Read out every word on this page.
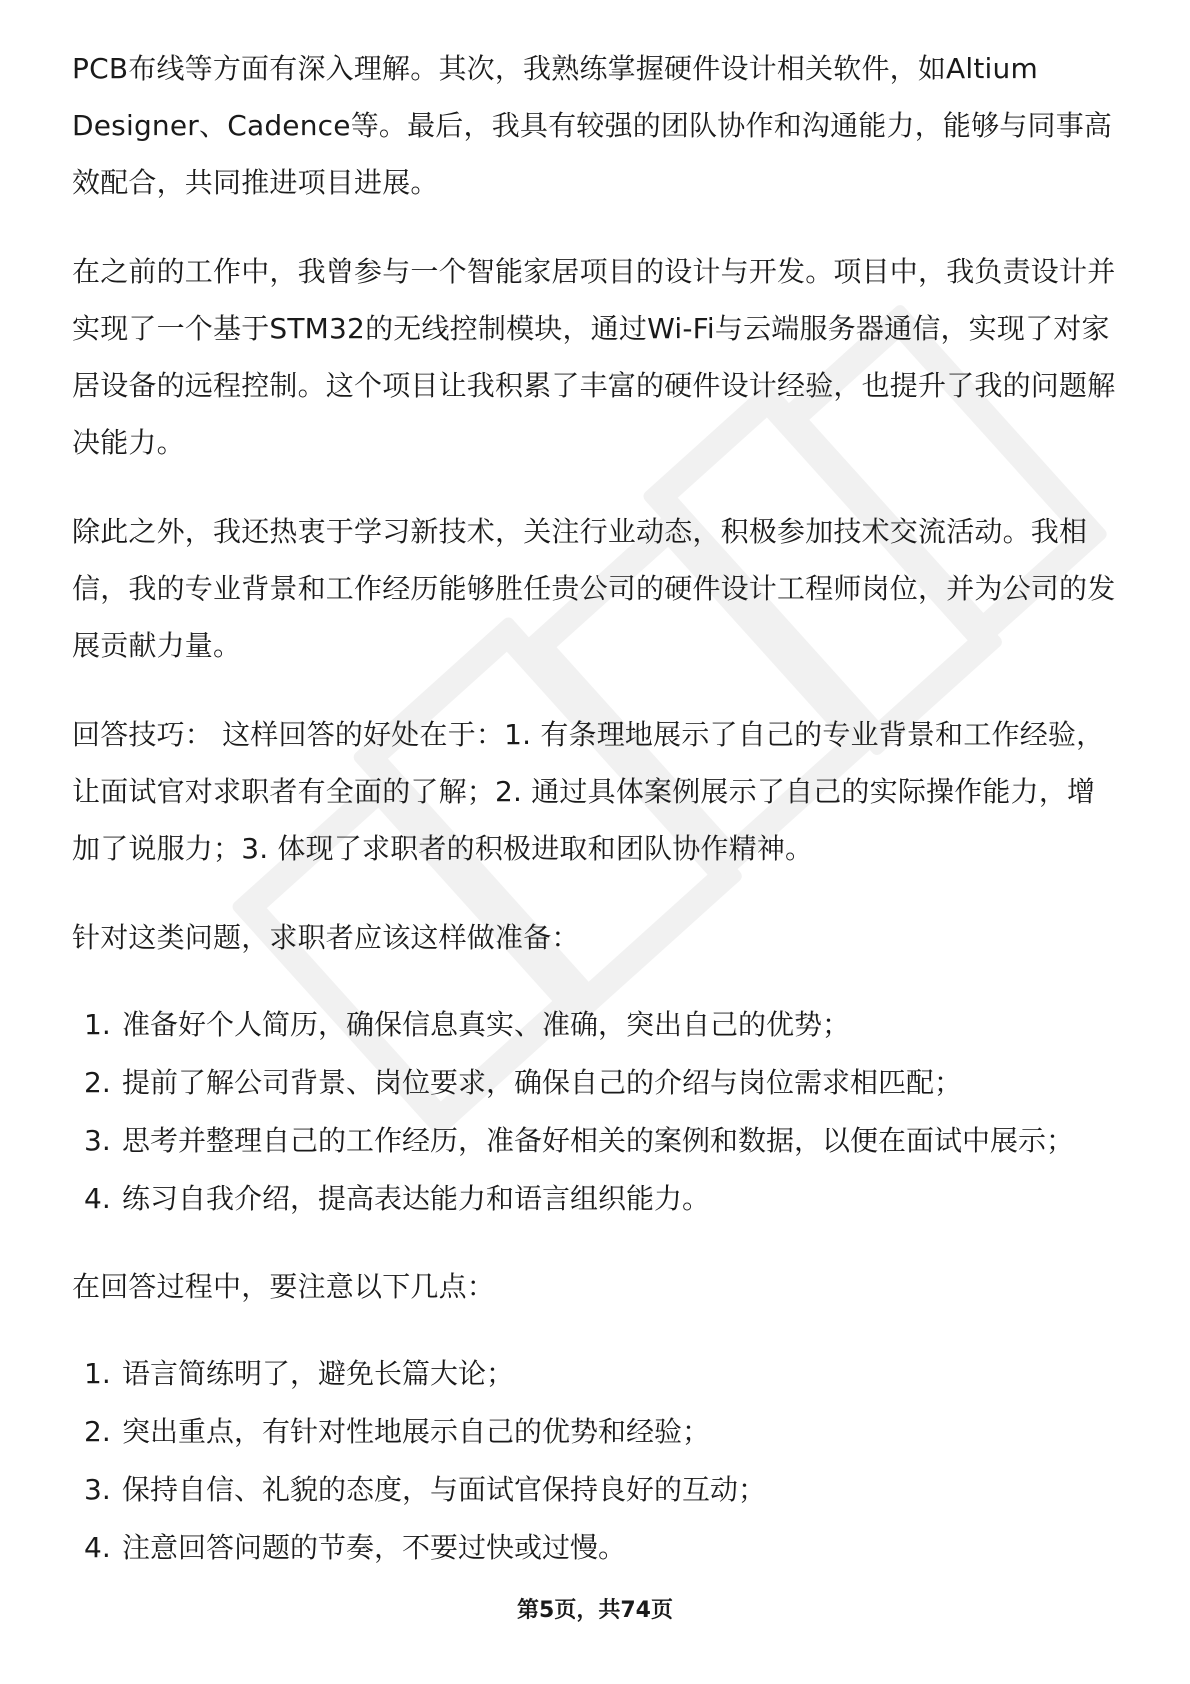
PCB布线等方面有深入理解。其次，我熟练掌握硬件设计相关软件，如Altium Designer、Cadence等。最后，我具有较强的团队协作和沟通能力，能够与同事高效配合，共同推进项目进展。

在之前的工作中，我曾参与一个智能家居项目的设计与开发。项目中，我负责设计并实现了一个基于STM32的无线控制模块，通过Wi-Fi与云端服务器通信，实现了对家居设备的远程控制。这个项目让我积累了丰富的硬件设计经验，也提升了我的问题解决能力。

除此之外，我还热衷于学习新技术，关注行业动态，积极参加技术交流活动。我相信，我的专业背景和工作经历能够胜任贵公司的硬件设计工程师岗位，并为公司的发展贡献力量。

回答技巧： 这样回答的好处在于：1. 有条理地展示了自己的专业背景和工作经验，让面试官对求职者有全面的了解；2. 通过具体案例展示了自己的实际操作能力，增加了说服力；3. 体现了求职者的积极进取和团队协作精神。

针对这类问题，求职者应该这样做准备：

1. 准备好个人简历，确保信息真实、准确，突出自己的优势；
2. 提前了解公司背景、岗位要求，确保自己的介绍与岗位需求相匹配；
3. 思考并整理自己的工作经历，准备好相关的案例和数据，以便在面试中展示；
4. 练习自我介绍，提高表达能力和语言组织能力。

在回答过程中，要注意以下几点：

1. 语言简练明了，避免长篇大论；
2. 突出重点，有针对性地展示自己的优势和经验；
3. 保持自信、礼貌的态度，与面试官保持良好的互动；
4. 注意回答问题的节奏，不要过快或过慢。
第5页，共74页
